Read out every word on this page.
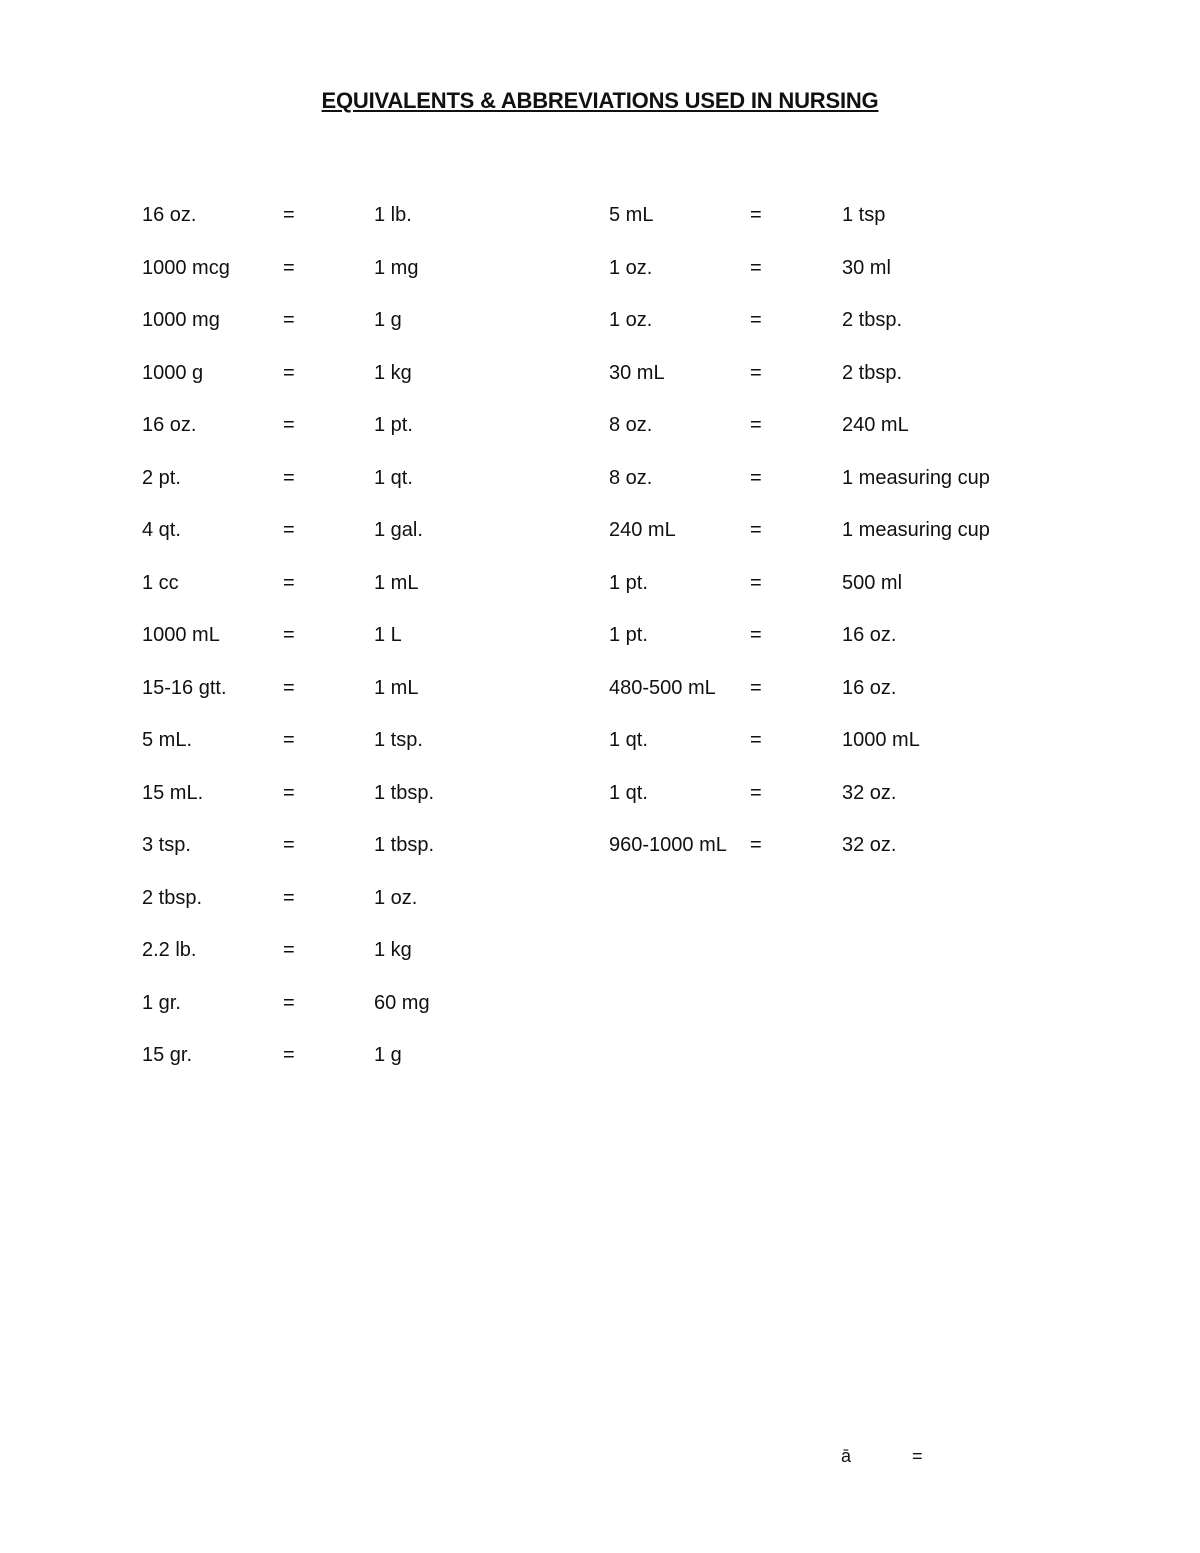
EQUIVALENTS & ABBREVIATIONS USED IN NURSING
16 oz.	=	1 lb.
1000 mcg	=	1 mg
1000 mg	=	1 g
1000 g	=	1 kg
16 oz.	=	1 pt.
2 pt.	=	1 qt.
4 qt.	=	1 gal.
1 cc	=	1 mL
1000 mL	=	1 L
15-16 gtt.	=	1 mL
5 mL.	=	1 tsp.
15 mL.	=	1 tbsp.
3 tsp.	=	1 tbsp.
2 tbsp.	=	1 oz.
2.2 lb.	=	1 kg
1 gr.	=	60 mg
15 gr.	=	1 g
5 mL	=	1 tsp
1 oz.	=	30 ml
1 oz.	=	2 tbsp.
30 mL	=	2 tbsp.
8 oz.	=	240 mL
8 oz.	=	1 measuring cup
240 mL	=	1 measuring cup
1 pt.	=	500 ml
1 pt.	=	16 oz.
480-500 mL =	16 oz.
1 qt.	=	1000 mL
1 qt.	=	32 oz.
960-1000 mL =	32 oz.
ā	=
